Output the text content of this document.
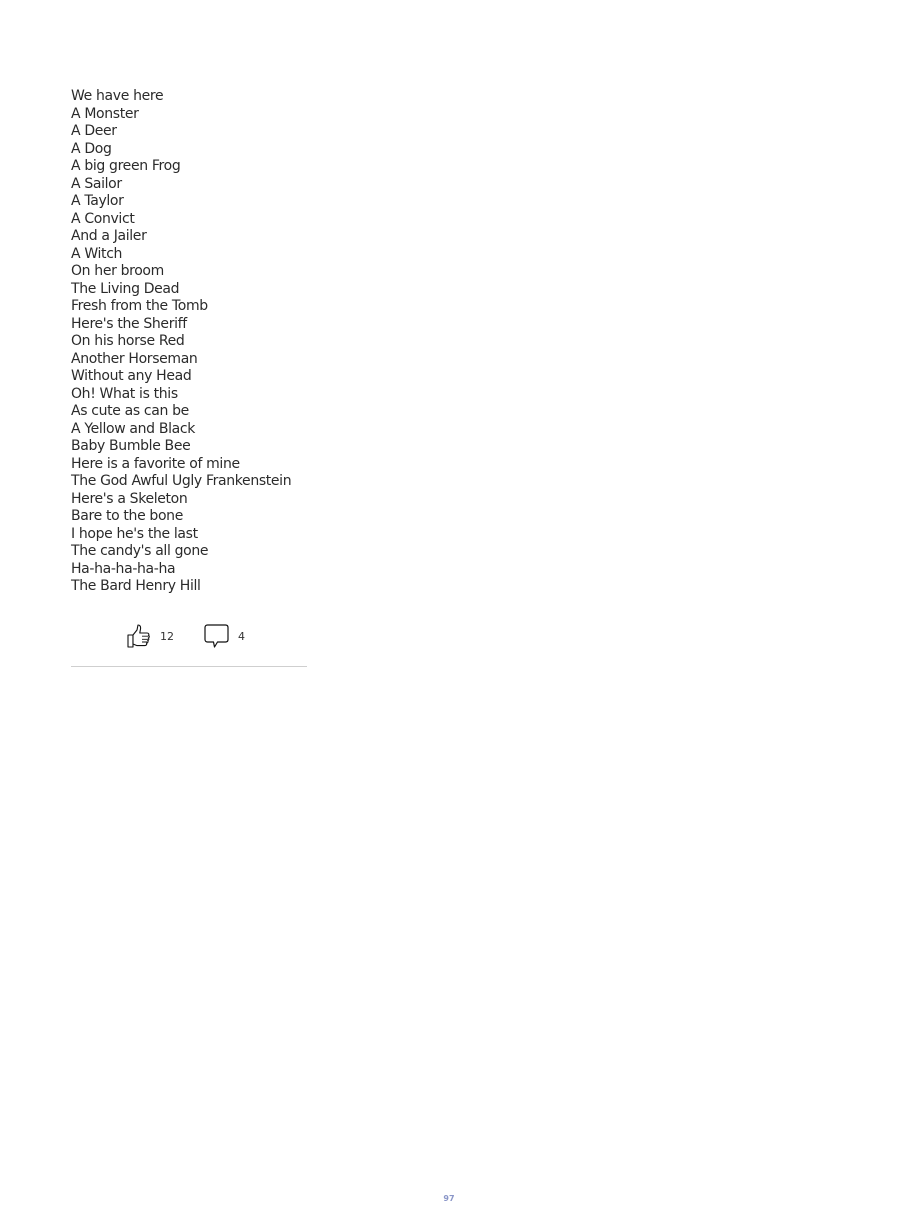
We have here
A Monster
A Deer
A Dog
A big green Frog
A Sailor
A Taylor
A Convict
And a Jailer
A Witch
On her broom
The Living Dead
Fresh from the Tomb
Here's the Sheriff
On his horse Red
Another Horseman
Without any Head
Oh! What is this
As cute as can be
A Yellow and Black
Baby Bumble Bee
Here is a favorite of mine
The God Awful Ugly Frankenstein
Here's a Skeleton
Bare to the bone
I hope he's the last
The candy's all gone
Ha-ha-ha-ha-ha
The Bard Henry Hill
12	4
97
